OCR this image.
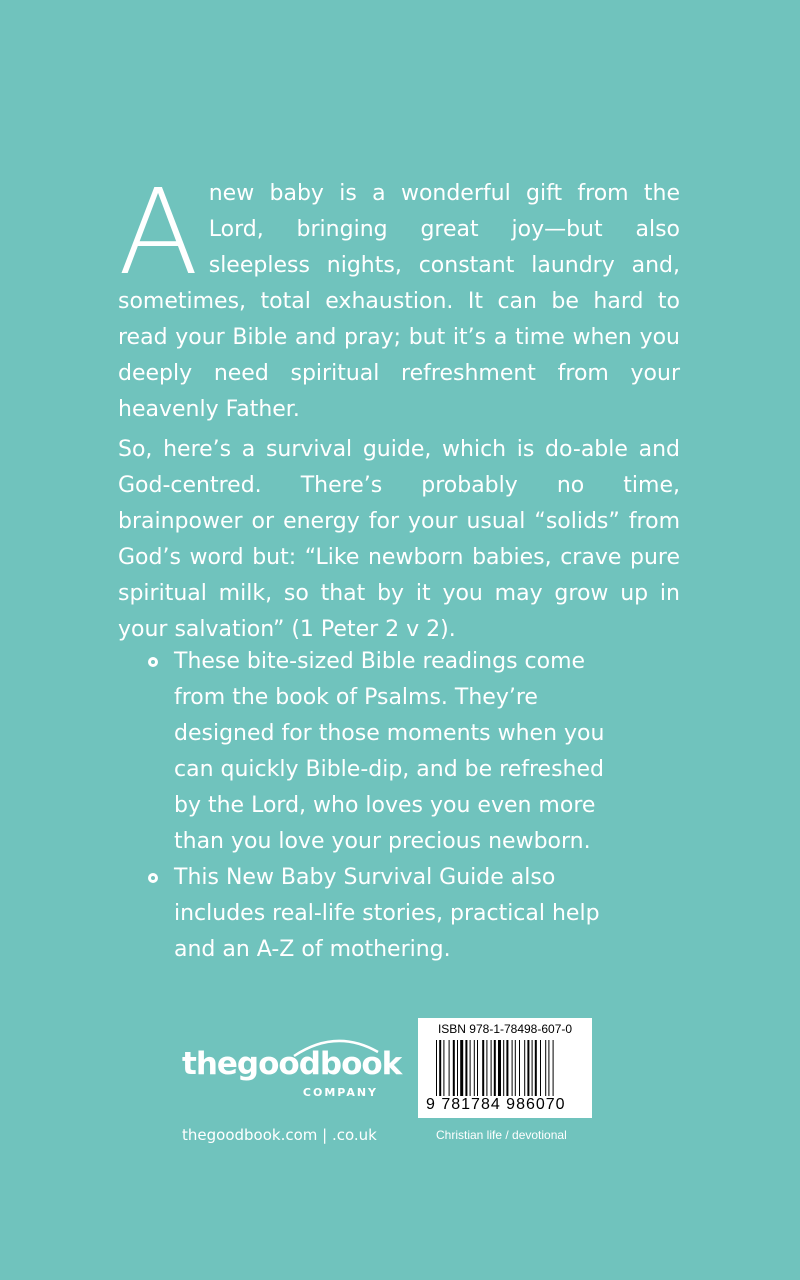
A new baby is a wonderful gift from the Lord, bringing great joy—but also sleepless nights, constant laundry and, sometimes, total exhaustion. It can be hard to read your Bible and pray; but it’s a time when you deeply need spiritual refreshment from your heavenly Father.

So, here’s a survival guide, which is do-able and God-centred. There’s probably no time, brainpower or energy for your usual “solids” from God’s word but: “Like newborn babies, crave pure spiritual milk, so that by it you may grow up in your salvation” (1 Peter 2 v 2).

These bite-sized Bible readings come from the book of Psalms. They’re designed for those moments when you can quickly Bible-dip, and be refreshed by the Lord, who loves you even more than you love your precious newborn.
This New Baby Survival Guide also includes real-life stories, practical help and an A-Z of mothering.
thegoodbook
COMPANY
thegoodbook.com | .co.uk
ISBN 978-1-78498-607-0
9 781784 986070
Christian life / devotional
